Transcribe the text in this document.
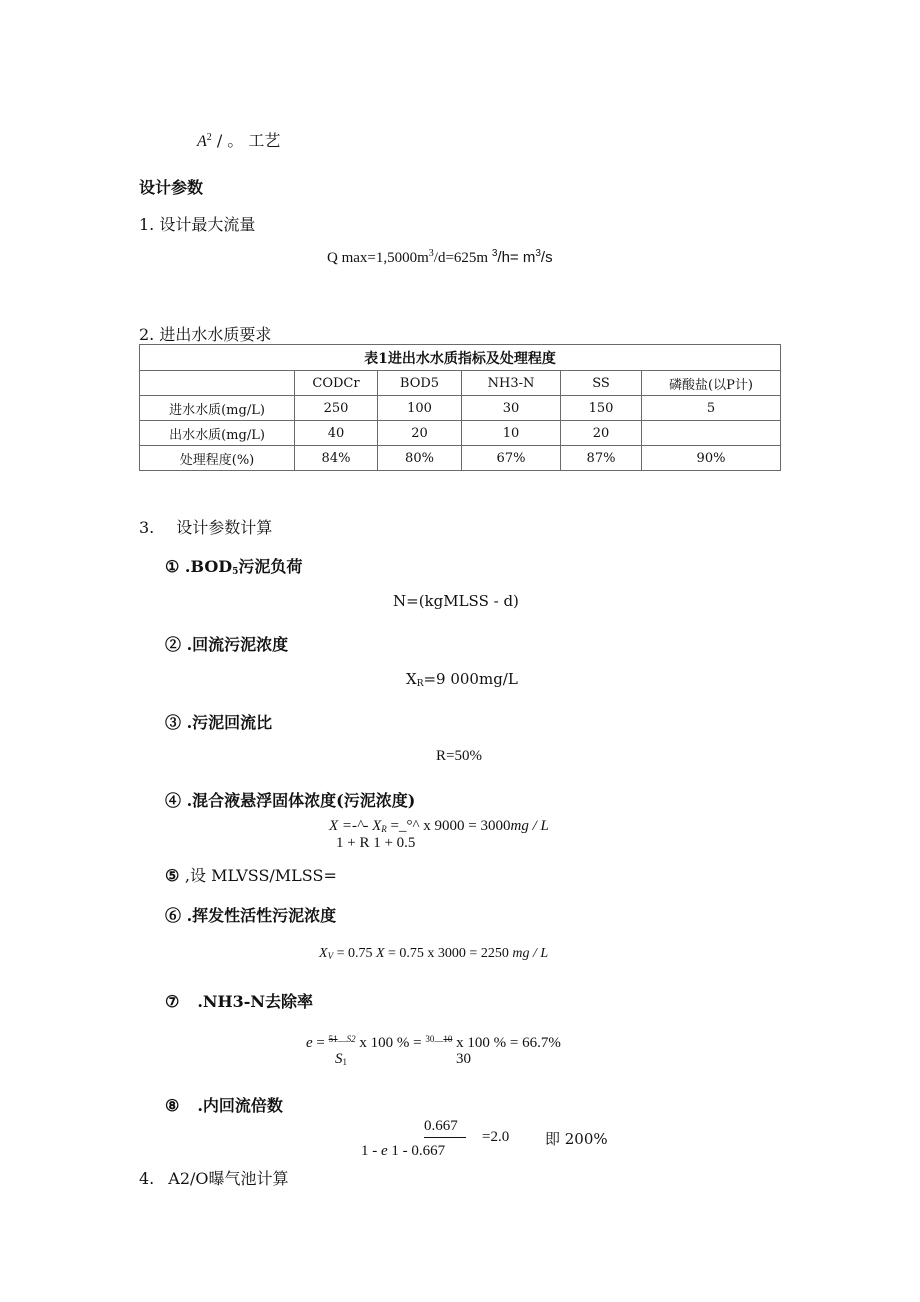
$A^2$ / 。 工艺
设计参数
1. 设计最大流量
Q $\max=1,5000m^3/d=625m$ $^3/h= m^3/s$
2. 进出水水质要求
表1进出水水质指标及处理程度					
	CODCr	BOD5	NH3-N	SS	磷酸盐(以P计)
进水水质(mg/L)	250	100	30	150	5
出水水质(mg/L)	40	20	10	20	
处理程度(%)	84%	80%	67%	87%	90%
3. 设计参数计算
① $.BOD_5$污泥负荷
N=(kgMLSS - d)
② .回流污泥浓度
$X_R=9$ 000mg/L
③ .污泥回流比
R=50%
④ .混合液悬浮固体浓度(污泥浓度)
X =-^- $X_R$ =_°^ x 9000 = 3000mg / L
1 + R 1 + 0.5
⑤ ,设 MLVSS/MLSS=
⑥ .挥发性活性污泥浓度
$X_V = 0.75$ X = 0.75 x 3000 = 2250 mg / L
⑦ .NH3-N去除率
e = $^{51—S2}$ x 100 % = $^{30—10}$ x 100 % = 66.7%
$S_1$	30
⑧ .内回流倍数
0.667
=2.0 即 200%
1 - e 1 - 0.667
4. A2/O曝气池计算
